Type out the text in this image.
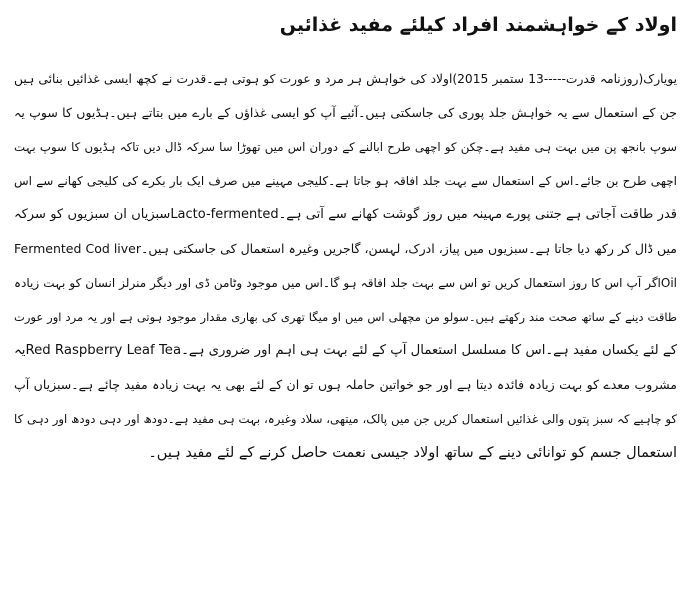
اولاد کے خواہشمند افراد کیلئے مفید غذائیں
یویارک(روزنامہ قدرت-----13 ستمبر 2015)اولاد کی خواہش ہر مرد و عورت کو ہوتی ہے۔قدرت نے کچھ ایسی غذائیں بنائی ہیں
جن کے استعمال سے یہ خواہش جلد پوری کی جاسکتی ہیں۔آئیے آپ کو ایسی غذاؤں کے بارے میں بتاتے ہیں۔ہڈیوں کا سوپ یہ
سوپ بانجھ پن میں بہت ہی مفید ہے۔چکن کو اچھی طرح ابالنے کے دوران اس میں تھوڑا سا سرکہ ڈال دیں تاکہ ہڈیوں کا سوپ بہت
اچھی طرح بن جائے۔اس کے استعمال سے بہت جلد افاقہ ہو جاتا ہے۔کلیجی مہینے میں صرف ایک بار بکرے کی کلیجی کھانے سے اس
قدر طاقت آجاتی ہے جتنی پورے مہینہ میں روز گوشت کھانے سے آتی ہے۔Lacto-fermentedسبزیاں ان سبزیوں کو سرکہ
میں ڈال کر رکھ دیا جاتا ہے۔سبزیوں میں پیاز، ادرک، لہسن، گاجریں وغیرہ استعمال کی جاسکتی ہیں۔Fermented Cod liver
Oilاگر آپ اس کا روز استعمال کریں تو اس سے بہت جلد افاقہ ہو گا۔اس میں موجود وٹامن ڈی اور دیگر منرلز انسان کو بہت زیادہ
طاقت دینے کے ساتھ صحت مند رکھتے ہیں۔سولو من مچھلی اس میں او میگا تھری کی بھاری مقدار موجود ہوتی ہے اور یہ مرد اور عورت
کے لئے یکساں مفید ہے۔اس کا مسلسل استعمال آپ کے لئے بہت ہی اہم اور ضروری ہے۔Red Raspberry Leaf Teaیہ
مشروب معدے کو بہت زیادہ فائدہ دیتا ہے اور جو خواتین حاملہ ہوں تو ان کے لئے بھی یہ بہت زیادہ مفید چائے ہے۔سبزیاں آپ
کو چاہیے کہ سبز پتوں والی غذائیں استعمال کریں جن میں پالک، میتھی، سلاد وغیرہ، بہت ہی مفید ہے۔دودھ اور دہی دودھ اور دہی کا
استعمال جسم کو توانائی دینے کے ساتھ اولاد جیسی نعمت حاصل کرنے کے لئے مفید ہیں۔
